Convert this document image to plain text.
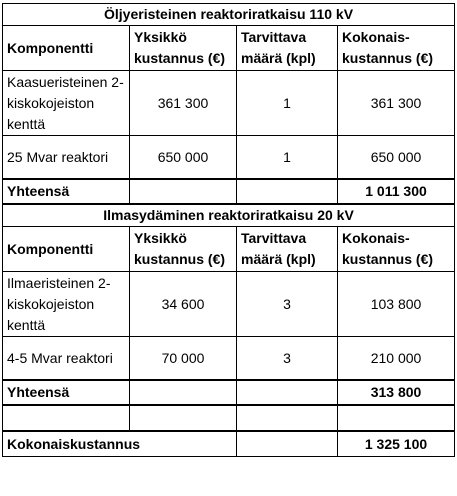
Öljyeristeinen reaktoriratkaisu 110 kV			
Komponentti	Yksikkö kustannus (€)	Tarvittava määrä (kpl)	Kokonais-kustannus (€)
Kaasueristeinen 2-kiskokojeiston kenttä	361 300	1	361 300
25 Mvar reaktori	650 000	1	650 000
Yhteensä			1 011 300
Ilmasydäminen reaktoriratkaisu 20 kV			
Komponentti	Yksikkö kustannus (€)	Tarvittava määrä (kpl)	Kokonais-kustannus (€)
Ilmaeristeinen 2-kiskokojeiston kenttä	34 600	3	103 800
4-5 Mvar reaktori	70 000	3	210 000
Yhteensä			313 800

Kokonaiskustannus			1 325 100
